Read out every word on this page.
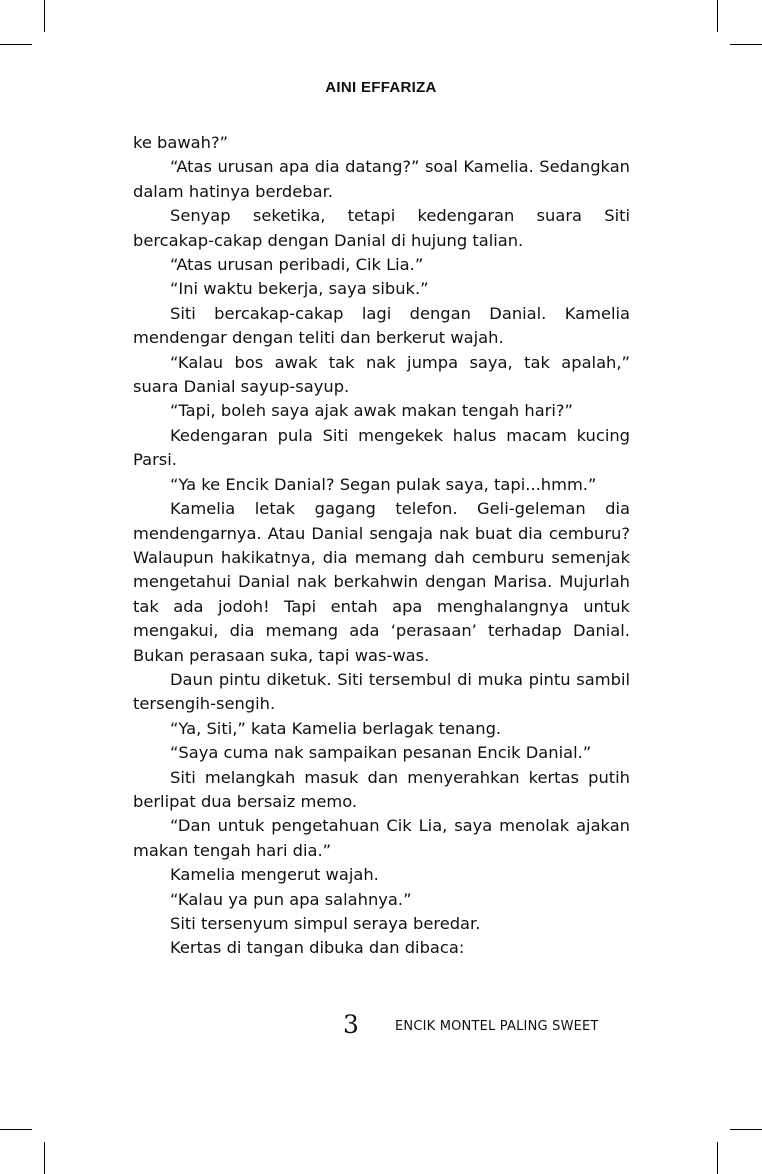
AINI EFFARIZA

ke bawah?”

“Atas urusan apa dia datang?” soal Kamelia. Sedangkan dalam hatinya berdebar.

Senyap seketika, tetapi kedengaran suara Siti bercakap-cakap dengan Danial di hujung talian.

“Atas urusan peribadi, Cik Lia.”

“Ini waktu bekerja, saya sibuk.”

Siti bercakap-cakap lagi dengan Danial. Kamelia mendengar dengan teliti dan berkerut wajah.

“Kalau bos awak tak nak jumpa saya, tak apalah,” suara Danial sayup-sayup.

“Tapi, boleh saya ajak awak makan tengah hari?”

Kedengaran pula Siti mengekek halus macam kucing Parsi.

“Ya ke Encik Danial? Segan pulak saya, tapi...hmm.”

Kamelia letak gagang telefon. Geli-geleman dia mendengarnya. Atau Danial sengaja nak buat dia cemburu? Walaupun hakikatnya, dia memang dah cemburu semenjak mengetahui Danial nak berkahwin dengan Marisa. Mujurlah tak ada jodoh! Tapi entah apa menghalangnya untuk mengakui, dia memang ada ‘perasaan’ terhadap Danial. Bukan perasaan suka, tapi was-was.

Daun pintu diketuk. Siti tersembul di muka pintu sambil tersengih-sengih.

“Ya, Siti,” kata Kamelia berlagak tenang.

“Saya cuma nak sampaikan pesanan Encik Danial.”

Siti melangkah masuk dan menyerahkan kertas putih berlipat dua bersaiz memo.

“Dan untuk pengetahuan Cik Lia, saya menolak ajakan makan tengah hari dia.”

Kamelia mengerut wajah.

“Kalau ya pun apa salahnya.”

Siti tersenyum simpul seraya beredar.

Kertas di tangan dibuka dan dibaca:

3	ENCIK MONTEL PALING SWEET
